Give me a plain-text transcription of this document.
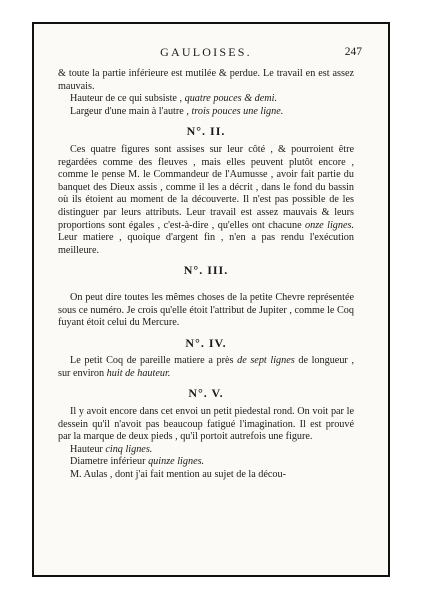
GAULOISES.	247

& toute la partie inférieure est mutilée & perdue. Le travail en est assez mauvais.

Hauteur de ce qui subsiste , quatre pouces & demi.

Largeur d'une main à l'autre , trois pouces une ligne.

N°. II.

Ces quatre figures sont assises sur leur côté , & pourroient être regardées comme des fleuves , mais elles peuvent plutôt encore , comme le pense M. le Commandeur de l'Aumusse , avoir fait partie du banquet des Dieux assis , comme il les a décrit , dans le fond du bassin où ils étoient au moment de la découverte. Il n'est pas possible de les distinguer par leurs attributs. Leur travail est assez mauvais & leurs proportions sont égales , c'est-à-dire , qu'elles ont chacune onze lignes. Leur matiere , quoique d'argent fin , n'en a pas rendu l'exécution meilleure.

N°. III.

On peut dire toutes les mêmes choses de la petite Chevre représentée sous ce numéro. Je crois qu'elle étoit l'attribut de Jupiter , comme le Coq fuyant étoit celui du Mercure.

N°. IV.

Le petit Coq de pareille matiere a près de sept lignes de longueur , sur environ huit de hauteur.

N°. V.

Il y avoit encore dans cet envoi un petit piedestal rond. On voit par le dessein qu'il n'avoit pas beaucoup fatigué l'imagination. Il est prouvé par la marque de deux pieds , qu'il portoit autrefois une figure.

Hauteur cinq lignes.

Diametre inférieur quinze lignes.

M. Aulas , dont j'ai fait mention au sujet de la décou-
